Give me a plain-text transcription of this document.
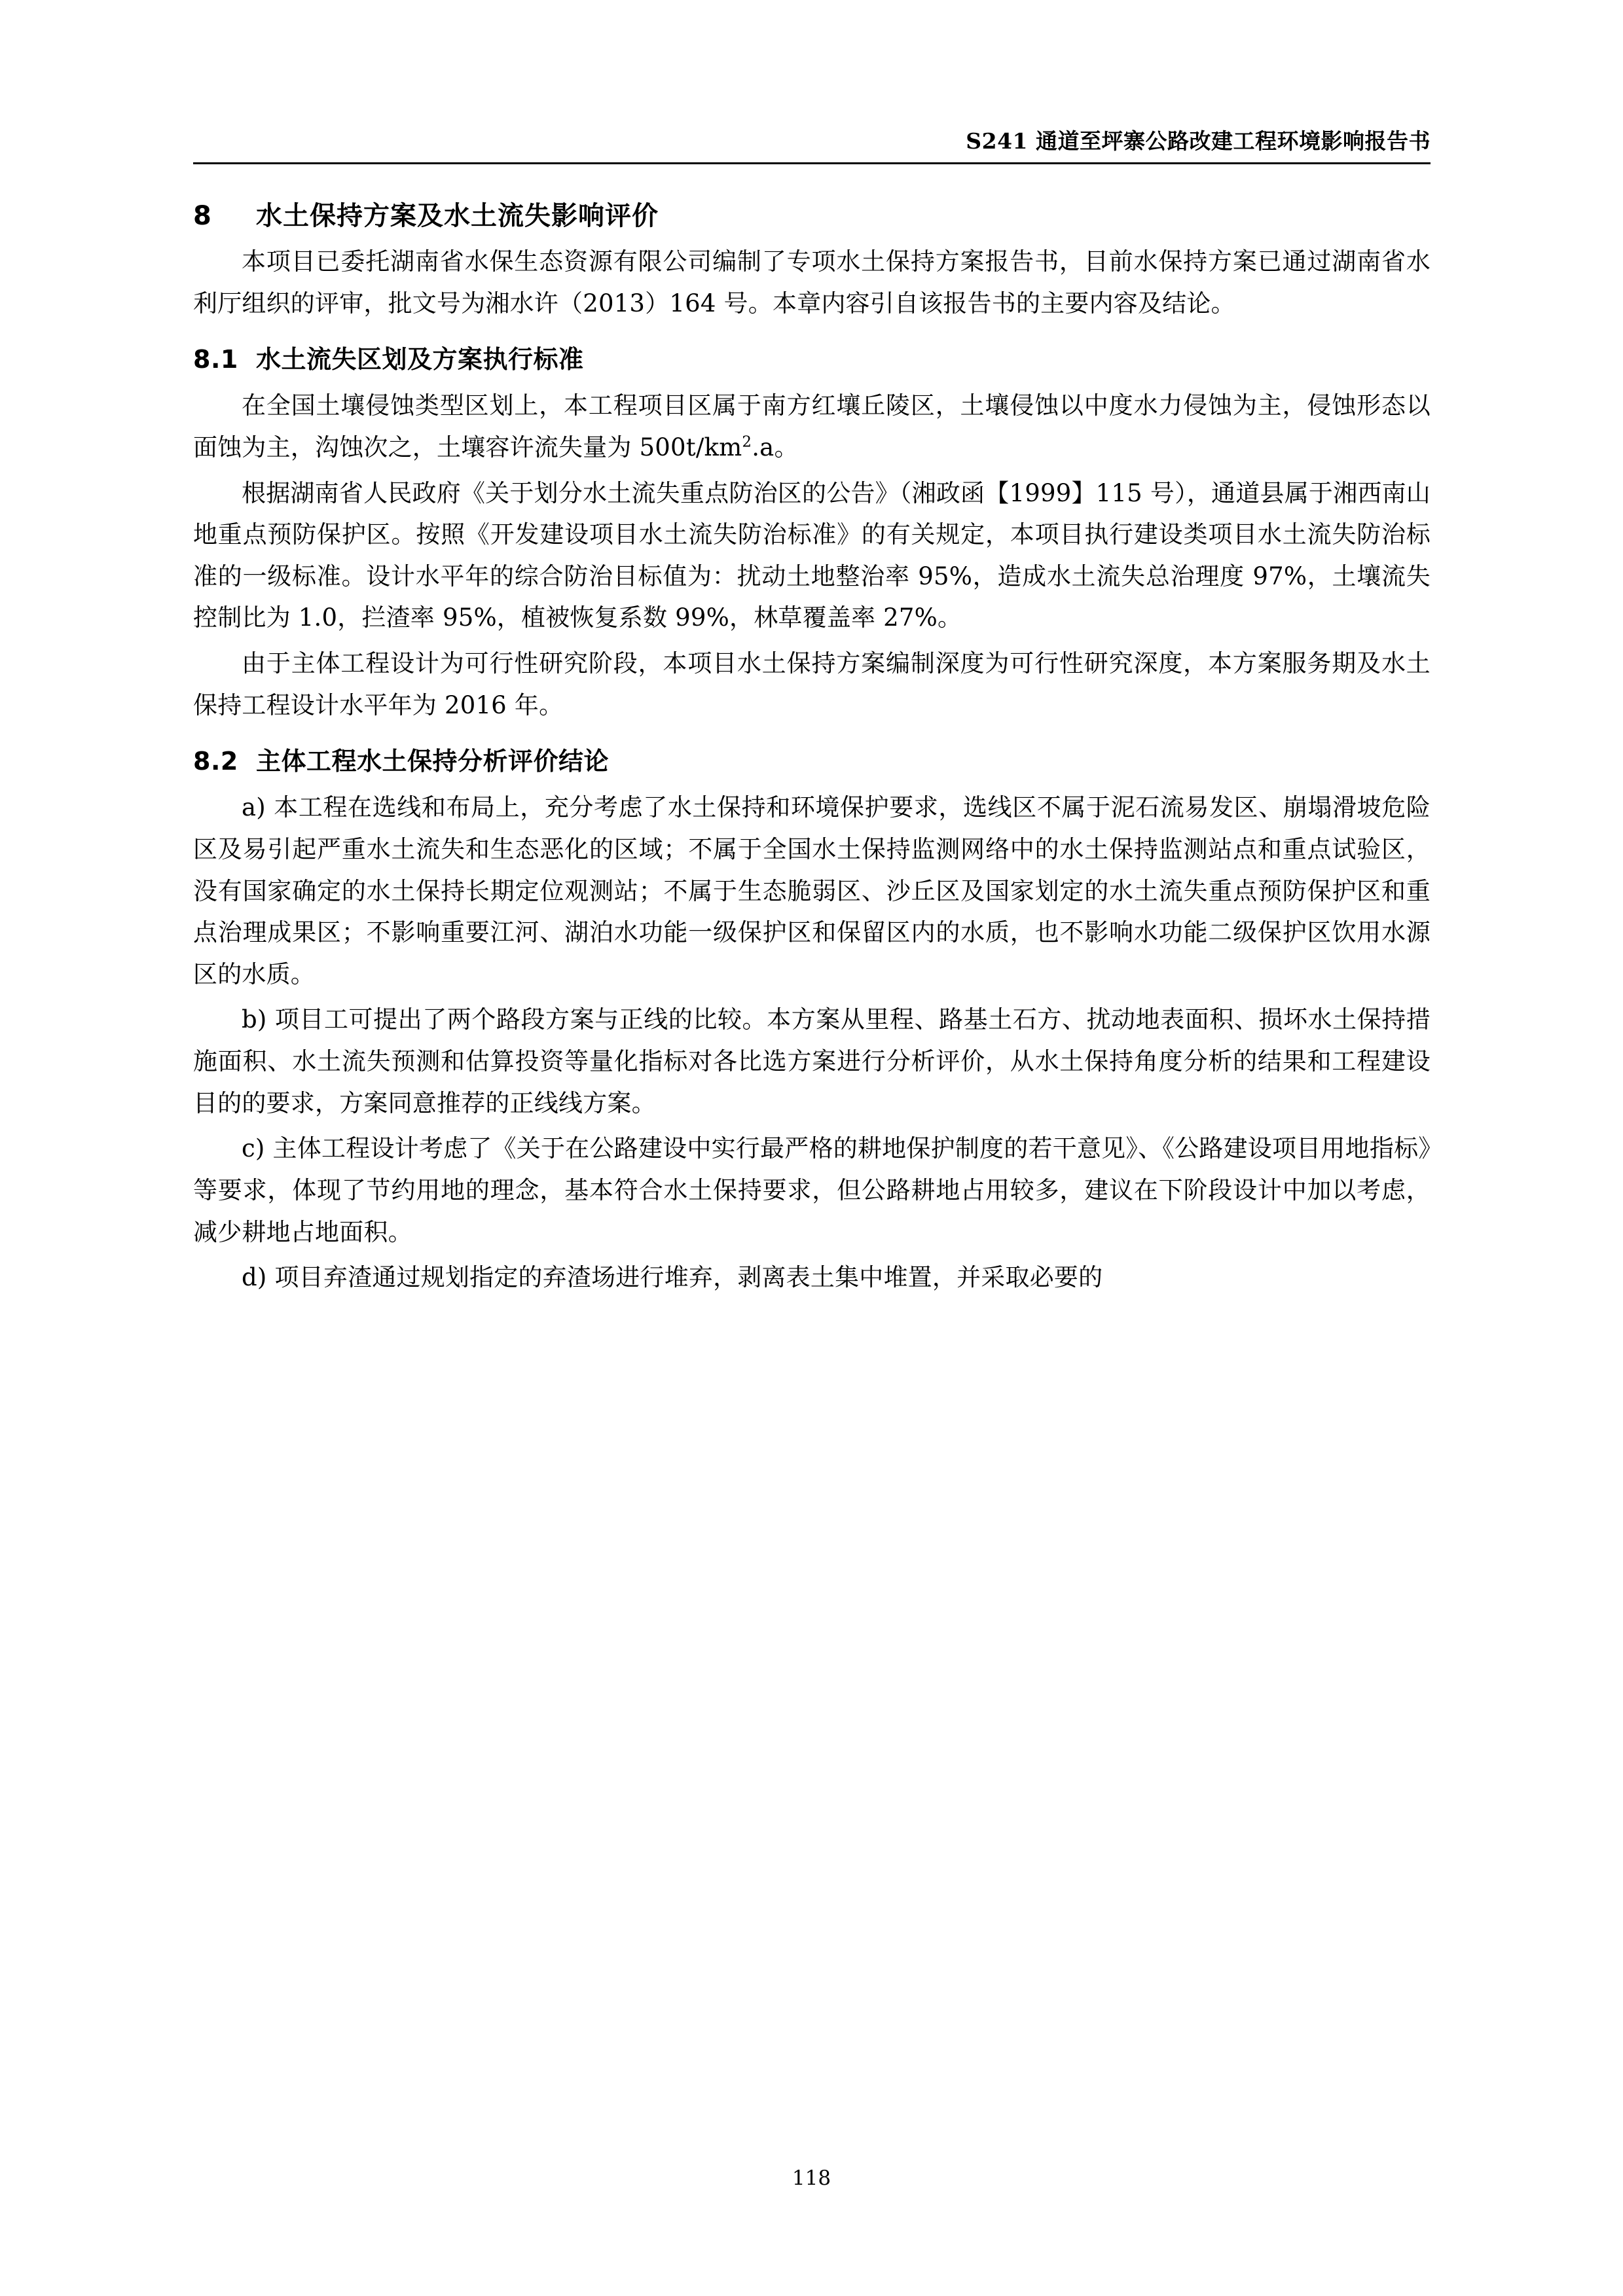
S241 通道至坪寨公路改建工程环境影响报告书
8 水土保持方案及水土流失影响评价

本项目已委托湖南省水保生态资源有限公司编制了专项水土保持方案报告书，目前水保持方案已通过湖南省水利厅组织的评审，批文号为湘水许（2013）164 号。本章内容引自该报告书的主要内容及结论。

8.1 水土流失区划及方案执行标准

在全国土壤侵蚀类型区划上，本工程项目区属于南方红壤丘陵区，土壤侵蚀以中度水力侵蚀为主，侵蚀形态以面蚀为主，沟蚀次之，土壤容许流失量为 $500t/km^2.a$。

根据湖南省人民政府《关于划分水土流失重点防治区的公告》（湘政函【1999】115 号），通道县属于湘西南山地重点预防保护区。按照《开发建设项目水土流失防治标准》的有关规定，本项目执行建设类项目水土流失防治标准的一级标准。设计水平年的综合防治目标值为：扰动土地整治率 95%，造成水土流失总治理度 97%，土壤流失控制比为 1.0，拦渣率 95%，植被恢复系数 99%，林草覆盖率 27%。

由于主体工程设计为可行性研究阶段，本项目水土保持方案编制深度为可行性研究深度，本方案服务期及水土保持工程设计水平年为 2016 年。

8.2 主体工程水土保持分析评价结论

a) 本工程在选线和布局上，充分考虑了水土保持和环境保护要求，选线区不属于泥石流易发区、崩塌滑坡危险区及易引起严重水土流失和生态恶化的区域；不属于全国水土保持监测网络中的水土保持监测站点和重点试验区，没有国家确定的水土保持长期定位观测站；不属于生态脆弱区、沙丘区及国家划定的水土流失重点预防保护区和重点治理成果区；不影响重要江河、湖泊水功能一级保护区和保留区内的水质，也不影响水功能二级保护区饮用水源区的水质。

b) 项目工可提出了两个路段方案与正线的比较。本方案从里程、路基土石方、扰动地表面积、损坏水土保持措施面积、水土流失预测和估算投资等量化指标对各比选方案进行分析评价，从水土保持角度分析的结果和工程建设目的的要求，方案同意推荐的正线线方案。

c) 主体工程设计考虑了《关于在公路建设中实行最严格的耕地保护制度的若干意见》、《公路建设项目用地指标》等要求，体现了节约用地的理念，基本符合水土保持要求，但公路耕地占用较多，建议在下阶段设计中加以考虑，减少耕地占地面积。

d) 项目弃渣通过规划指定的弃渣场进行堆弃，剥离表土集中堆置，并采取必要的

118
